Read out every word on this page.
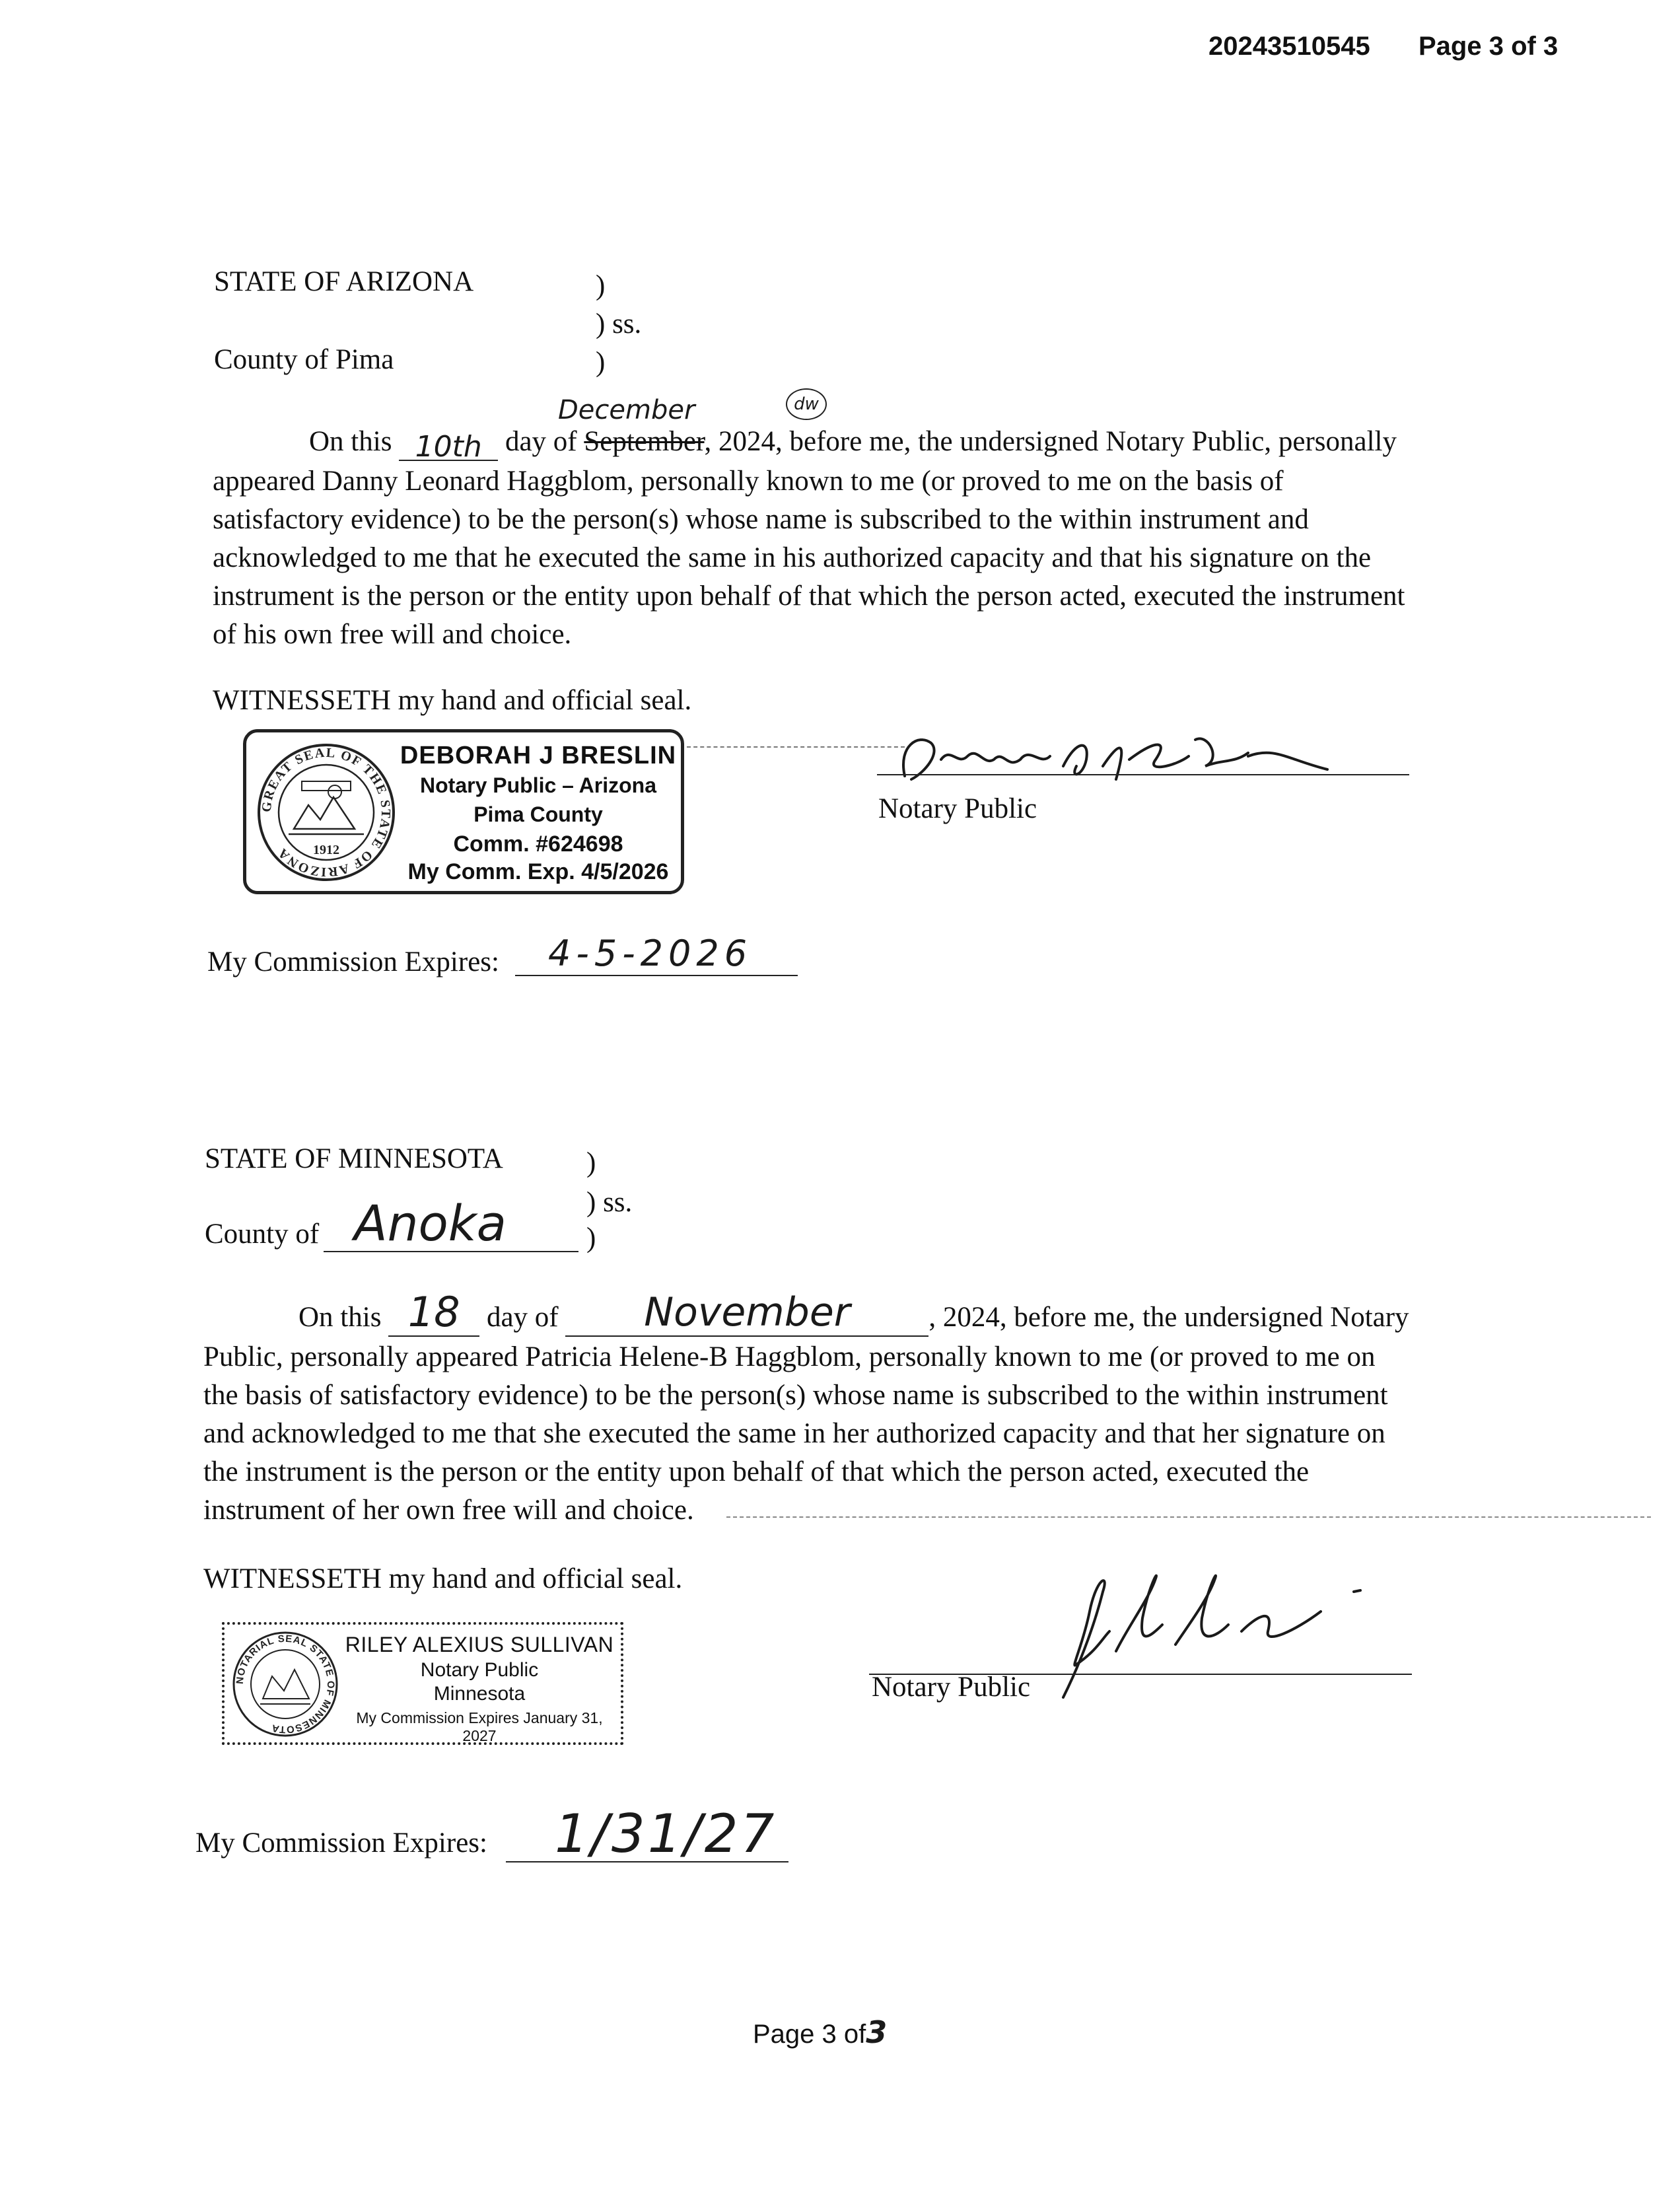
20243510545 Page 3 of 3
STATE OF ARIZONA	)
) ss.
County of Pima	)
December	dw
On this 10th day of September, 2024, before me, the undersigned Notary Public, personally
appeared Danny Leonard Haggblom, personally known to me (or proved to me on the basis of
satisfactory evidence) to be the person(s) whose name is subscribed to the within instrument and
acknowledged to me that he executed the same in his authorized capacity and that his signature on the
instrument is the person or the entity upon behalf of that which the person acted, executed the instrument
of his own free will and choice.
WITNESSETH my hand and official seal.
GREAT SEAL OF THE STATE OF ARIZONA	1912
DEBORAH J BRESLIN
Notary Public – Arizona
Pima County
Comm. #624698
My Comm. Exp. 4/5/2026
Notary Public
My Commission Expires: 4-5-2026
STATE OF MINNESOTA	)
) ss.
County of Anoka	)
On this 18 day of November	, 2024, before me, the undersigned Notary
Public, personally appeared Patricia Helene-B Haggblom, personally known to me (or proved to me on
the basis of satisfactory evidence) to be the person(s) whose name is subscribed to the within instrument
and acknowledged to me that she executed the same in her authorized capacity and that her signature on
the instrument is the person or the entity upon behalf of that which the person acted, executed the
instrument of her own free will and choice.
WITNESSETH my hand and official seal.
NOTARIAL SEAL STATE OF MINNESOTA
RILEY ALEXIUS SULLIVAN
Notary Public
Minnesota
My Commission Expires January 31, 2027
Notary Public
My Commission Expires: 1/31/27
Page 3 of3
